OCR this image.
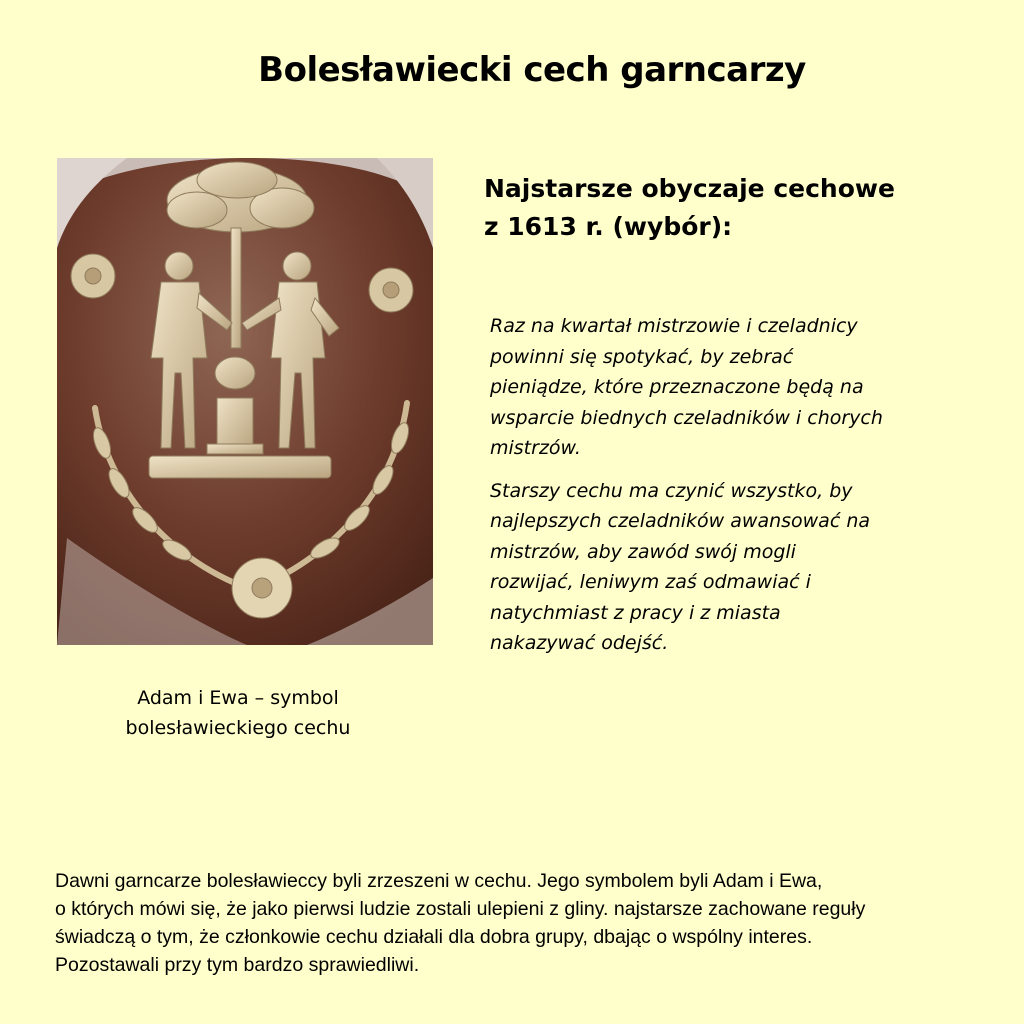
Bolesławiecki cech garncarzy
Adam i Ewa – symbol
bolesławieckiego cechu
Najstarsze obyczaje cechowe
z 1613 r. (wybór):

Raz na kwartał mistrzowie i czeladnicy
powinni się spotykać, by zebrać
pieniądze, które przeznaczone będą na
wsparcie biednych czeladników i chorych
mistrzów.

Starszy cechu ma czynić wszystko, by
najlepszych czeladników awansować na
mistrzów, aby zawód swój mogli
rozwijać, leniwym zaś odmawiać i
natychmiast z pracy i z miasta
nakazywać odejść.

Dawni garncarze bolesławieccy byli zrzeszeni w cechu. Jego symbolem byli Adam i Ewa,
o których mówi się, że jako pierwsi ludzie zostali ulepieni z gliny. najstarsze zachowane reguły
świadczą o tym, że członkowie cechu działali dla dobra grupy, dbając o wspólny interes.
Pozostawali przy tym bardzo sprawiedliwi.
